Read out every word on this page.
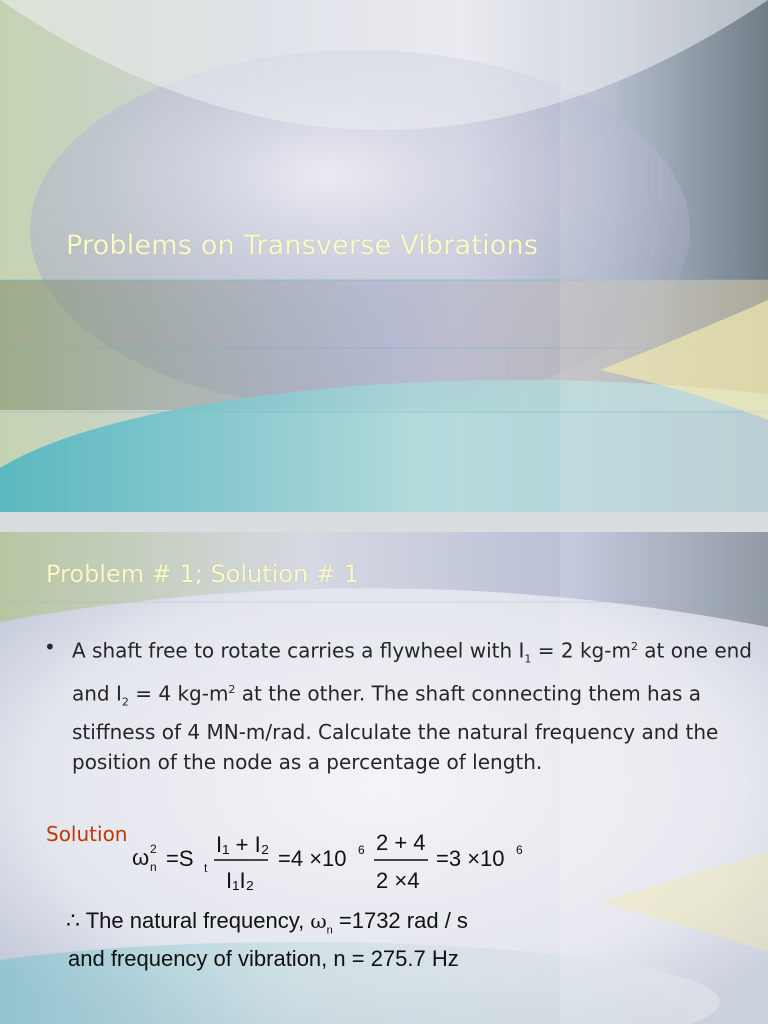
Problems on Transverse Vibrations
Problem # 1; Solution # 1
• A shaft free to rotate carries a flywheel with $I_1 = 2$ $kg-m^2$ at one end and $I_2 = 4$ $kg-m^2$ at the other. The shaft connecting them has a stiffness of 4 MN-m/rad. Calculate the natural frequency and the position of the node as a percentage of length.
Solution
ω 2
n =S t
I₁ + I₂
I₁I₂
=4 ×10 6 2 + 4
2 ×4
=3 ×10 6
∴ The natural frequency, $\omega_n =1732$ rad / s
and frequency of vibration, n = 275.7 Hz
